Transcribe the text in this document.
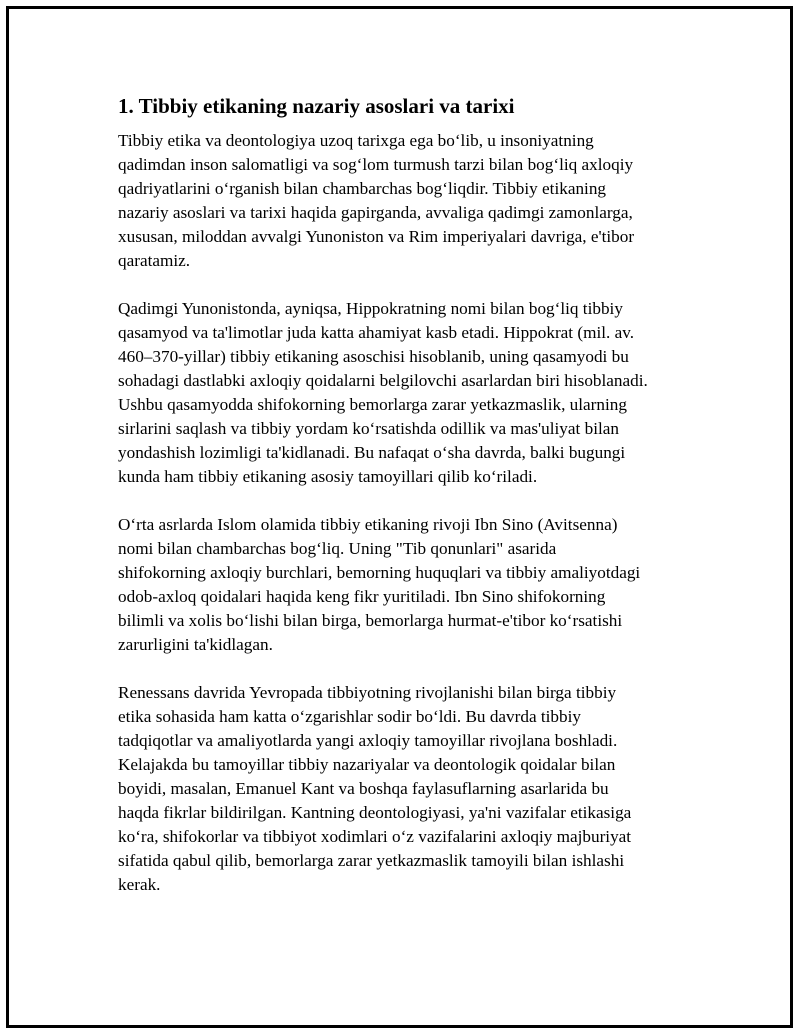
1. Tibbiy etikaning nazariy asoslari va tarixi
Tibbiy etika va deontologiya uzoq tarixga ega bo‘lib, u insoniyatning
qadimdan inson salomatligi va sog‘lom turmush tarzi bilan bog‘liq axloqiy
qadriyatlarini o‘rganish bilan chambarchas bog‘liqdir. Tibbiy etikaning
nazariy asoslari va tarixi haqida gapirganda, avvaliga qadimgi zamonlarga,
xususan, miloddan avvalgi Yunoniston va Rim imperiyalari davriga, e'tibor
qaratamiz.
Qadimgi Yunonistonda, ayniqsa, Hippokratning nomi bilan bog‘liq tibbiy
qasamyod va ta'limotlar juda katta ahamiyat kasb etadi. Hippokrat (mil. av.
460–370-yillar) tibbiy etikaning asoschisi hisoblanib, uning qasamyodi bu
sohadagi dastlabki axloqiy qoidalarni belgilovchi asarlardan biri hisoblanadi.
Ushbu qasamyodda shifokorning bemorlarga zarar yetkazmaslik, ularning
sirlarini saqlash va tibbiy yordam ko‘rsatishda odillik va mas'uliyat bilan
yondashish lozimligi ta'kidlanadi. Bu nafaqat o‘sha davrda, balki bugungi
kunda ham tibbiy etikaning asosiy tamoyillari qilib ko‘riladi.
O‘rta asrlarda Islom olamida tibbiy etikaning rivoji Ibn Sino (Avitsenna)
nomi bilan chambarchas bog‘liq. Uning "Tib qonunlari" asarida
shifokorning axloqiy burchlari, bemorning huquqlari va tibbiy amaliyotdagi
odob-axloq qoidalari haqida keng fikr yuritiladi. Ibn Sino shifokorning
bilimli va xolis bo‘lishi bilan birga, bemorlarga hurmat-e'tibor ko‘rsatishi
zarurligini ta'kidlagan.
Renessans davrida Yevropada tibbiyotning rivojlanishi bilan birga tibbiy
etika sohasida ham katta o‘zgarishlar sodir bo‘ldi. Bu davrda tibbiy
tadqiqotlar va amaliyotlarda yangi axloqiy tamoyillar rivojlana boshladi.
Kelajakda bu tamoyillar tibbiy nazariyalar va deontologik qoidalar bilan
boyidi, masalan, Emanuel Kant va boshqa faylasuflarning asarlarida bu
haqda fikrlar bildirilgan. Kantning deontologiyasi, ya'ni vazifalar etikasiga
ko‘ra, shifokorlar va tibbiyot xodimlari o‘z vazifalarini axloqiy majburiyat
sifatida qabul qilib, bemorlarga zarar yetkazmaslik tamoyili bilan ishlashi
kerak.
